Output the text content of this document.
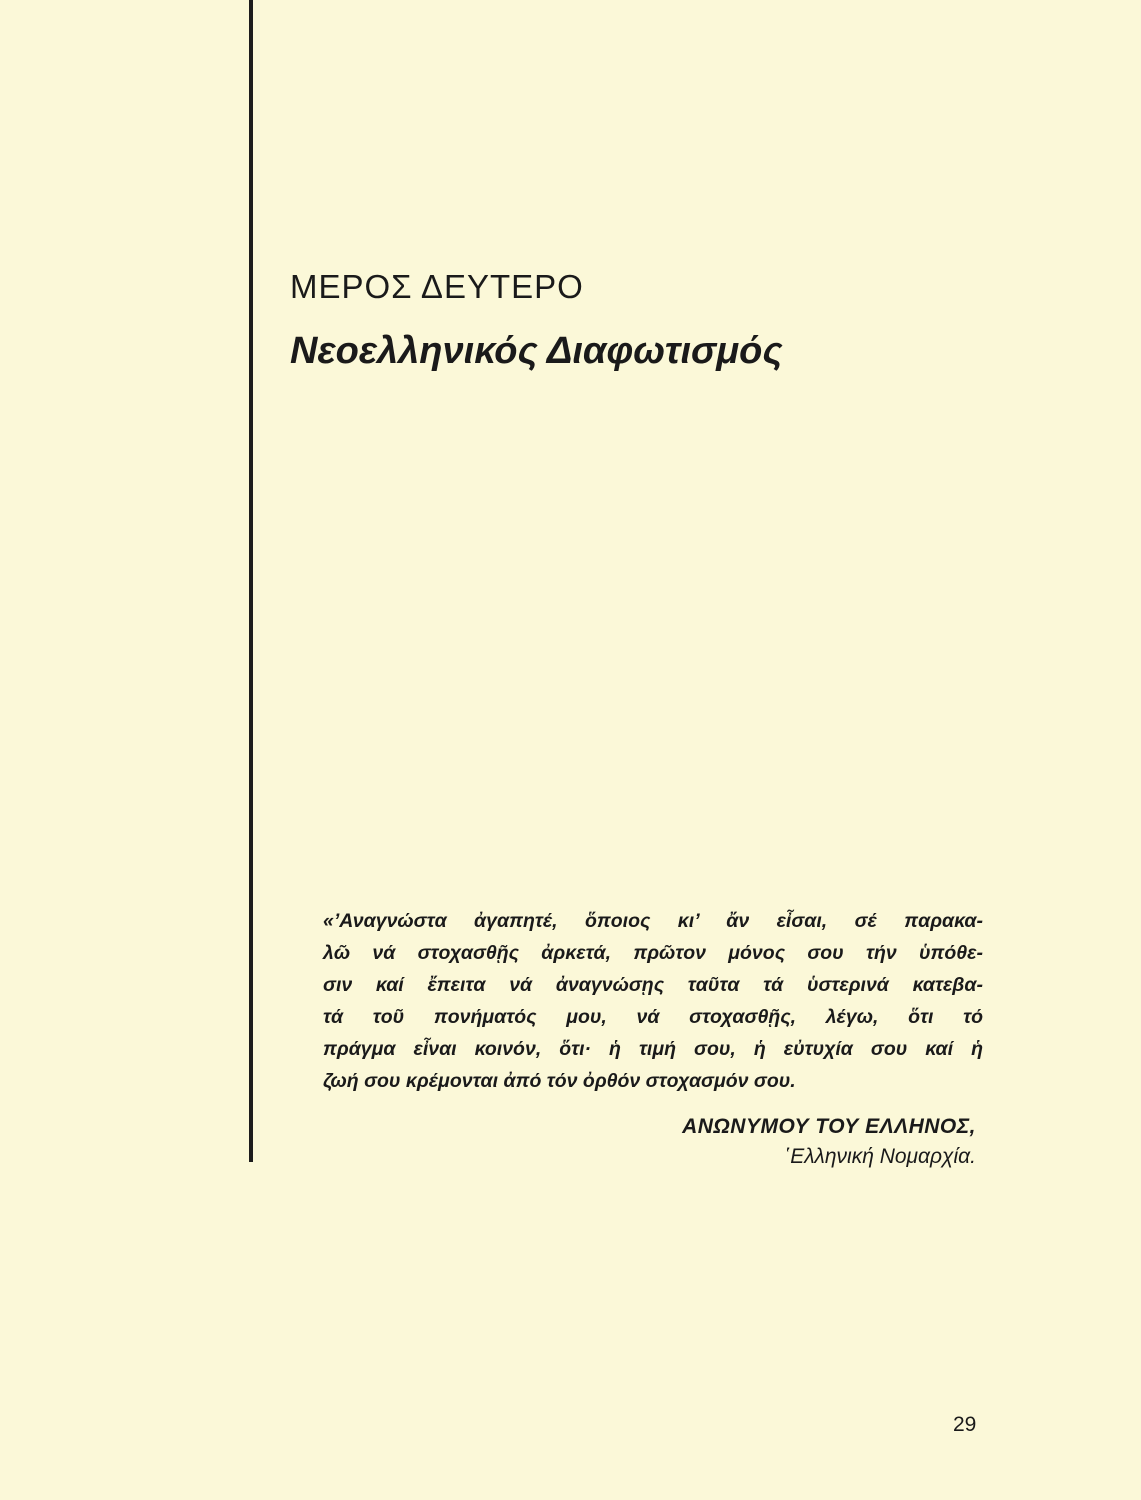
ΜΕΡΟΣ ΔΕΥΤΕΡΟ
Νεοελληνικός Διαφωτισμός
«’Αναγνώστα ἀγαπητέ, ὅποιος κι’ ἄν εἶσαι, σέ παρακα-
λῶ νά στοχασθῇς ἀρκετά, πρῶτον μόνος σου τήν ὑπόθε-
σιν καί ἔπειτα νά ἀναγνώσῃς ταῦτα τά ὑστερινά κατεβα-
τά τοῦ πονήματός μου, νά στοχασθῇς, λέγω, ὅτι τό
πράγμα εἶναι κοινόν, ὅτι· ἡ τιμή σου, ἡ εὐτυχία σου καί ἡ
ζωή σου κρέμονται ἀπό τόν ὀρθόν στοχασμόν σου.
ΑΝΩΝΥΜΟΥ ΤΟΥ ΕΛΛΗΝΟΣ,
῾Ελληνική Νομαρχία.
29
